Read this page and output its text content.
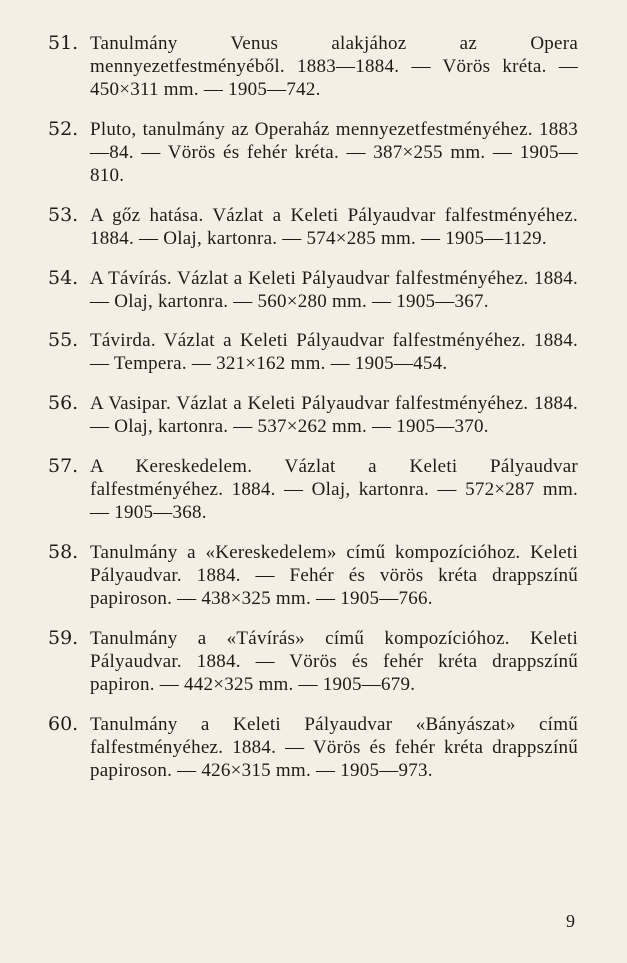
51. Tanulmány Venus alakjához az Opera mennyezetfestményéből. 1883—1884. — Vörös kréta. — 450×311 mm. — 1905—742.
52. Pluto, tanulmány az Operaház mennyezetfestményéhez. 1883—84. — Vörös és fehér kréta. — 387×255 mm. — 1905—810.
53. A gőz hatása. Vázlat a Keleti Pályaudvar falfestményéhez. 1884. — Olaj, kartonra. — 574×285 mm. — 1905—1129.
54. A Távírás. Vázlat a Keleti Pályaudvar falfestményéhez. 1884. — Olaj, kartonra. — 560×280 mm. — 1905—367.
55. Távirda. Vázlat a Keleti Pályaudvar falfestményéhez. 1884. — Tempera. — 321×162 mm. — 1905—454.
56. A Vasipar. Vázlat a Keleti Pályaudvar falfestményéhez. 1884. — Olaj, kartonra. — 537×262 mm. — 1905—370.
57. A Kereskedelem. Vázlat a Keleti Pályaudvar falfestményéhez. 1884. — Olaj, kartonra. — 572×287 mm. — 1905—368.
58. Tanulmány a «Kereskedelem» című kompozícióhoz. Keleti Pályaudvar. 1884. — Fehér és vörös kréta drappszínű papiroson. — 438×325 mm. — 1905—766.
59. Tanulmány a «Távírás» című kompozícióhoz. Keleti Pályaudvar. 1884. — Vörös és fehér kréta drappszínű papiron. — 442×325 mm. — 1905—679.
60. Tanulmány a Keleti Pályaudvar «Bányászat» című falfestményéhez. 1884. — Vörös és fehér kréta drappszínű papiroson. — 426×315 mm. — 1905—973.
9
